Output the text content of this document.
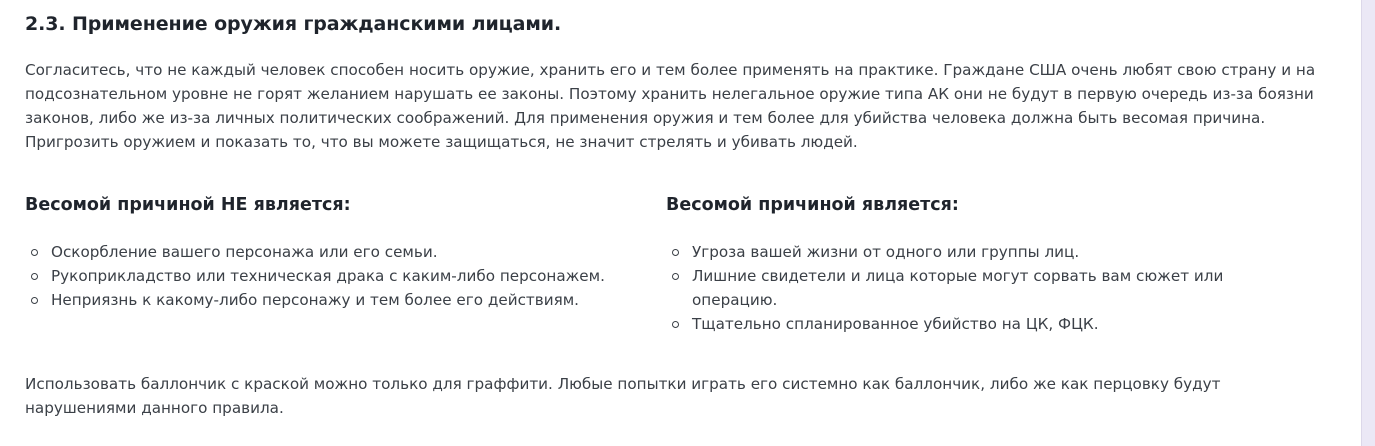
2.3. Применение оружия гражданскими лицами.

Согласитесь, что не каждый человек способен носить оружие, хранить его и тем более применять на практике. Граждане США очень любят свою страну и на подсознательном уровне не горят желанием нарушать ее законы. Поэтому хранить нелегальное оружие типа АК они не будут в первую очередь из-за боязни законов, либо же из-за личных политических соображений. Для применения оружия и тем более для убийства человека должна быть весомая причина. Пригрозить оружием и показать то, что вы можете защищаться, не значит стрелять и убивать людей.

Весомой причиной НЕ является:
Оскорбление вашего персонажа или его семьи.
Рукоприкладство или техническая драка с каким-либо персонажем.
Неприязнь к какому-либо персонажу и тем более его действиям.
Весомой причиной является:
Угроза вашей жизни от одного или группы лиц.
Лишние свидетели и лица которые могут сорвать вам сюжет или операцию.
Тщательно спланированное убийство на ЦК, ФЦК.

Использовать баллончик с краской можно только для граффити. Любые попытки играть его системно как баллончик, либо же как перцовку будут нарушениями данного правила.
